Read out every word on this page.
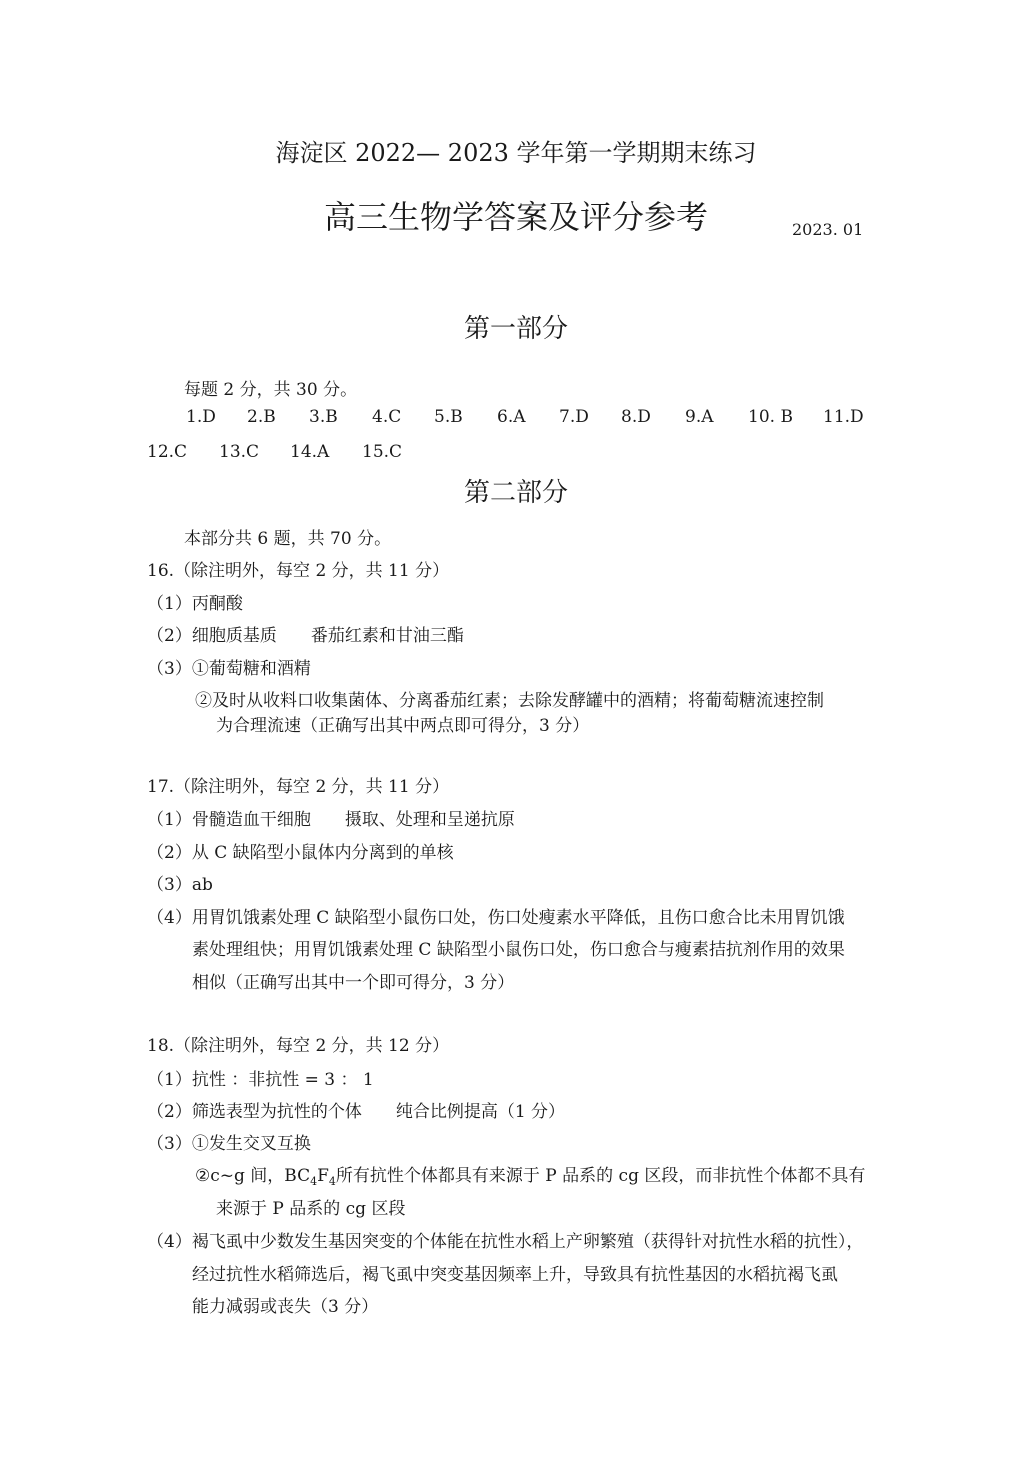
海淀区 2022— 2023 学年第一学期期末练习
高三生物学答案及评分参考	2023. 01
第一部分
每题 2 分，共 30 分。
1.D 2.B 3.B 4.C 5.B 6.A 7.D 8.D 9.A 10. B 11.D
12.C 13.C 14.A 15.C
第二部分
本部分共 6 题，共 70 分。
16.（除注明外，每空 2 分，共 11 分）
（1）丙酮酸
（2）细胞质基质　　番茄红素和甘油三酯
（3）①葡萄糖和酒精
②及时从收料口收集菌体、分离番茄红素；去除发酵罐中的酒精；将葡萄糖流速控制
为合理流速（正确写出其中两点即可得分，3 分）
17.（除注明外，每空 2 分，共 11 分）
（1）骨髓造血干细胞　　摄取、处理和呈递抗原
（2）从 C 缺陷型小鼠体内分离到的单核
（3）ab
（4）用胃饥饿素处理 C 缺陷型小鼠伤口处，伤口处瘦素水平降低，且伤口愈合比未用胃饥饿
素处理组快；用胃饥饿素处理 C 缺陷型小鼠伤口处，伤口愈合与瘦素拮抗剂作用的效果
相似（正确写出其中一个即可得分，3 分）
18.（除注明外，每空 2 分，共 12 分）
（1）抗性 ：非抗性 = 3 ： 1
（2）筛选表型为抗性的个体　　纯合比例提高（1 分）
（3）①发生交叉互换
②c~g 间，$BC_4F_4$所有抗性个体都具有来源于 P 品系的 cg 区段，而非抗性个体都不具有
来源于 P 品系的 cg 区段
（4）褐飞虱中少数发生基因突变的个体能在抗性水稻上产卵繁殖（获得针对抗性水稻的抗性），
经过抗性水稻筛选后，褐飞虱中突变基因频率上升，导致具有抗性基因的水稻抗褐飞虱
能力减弱或丧失（3 分）
